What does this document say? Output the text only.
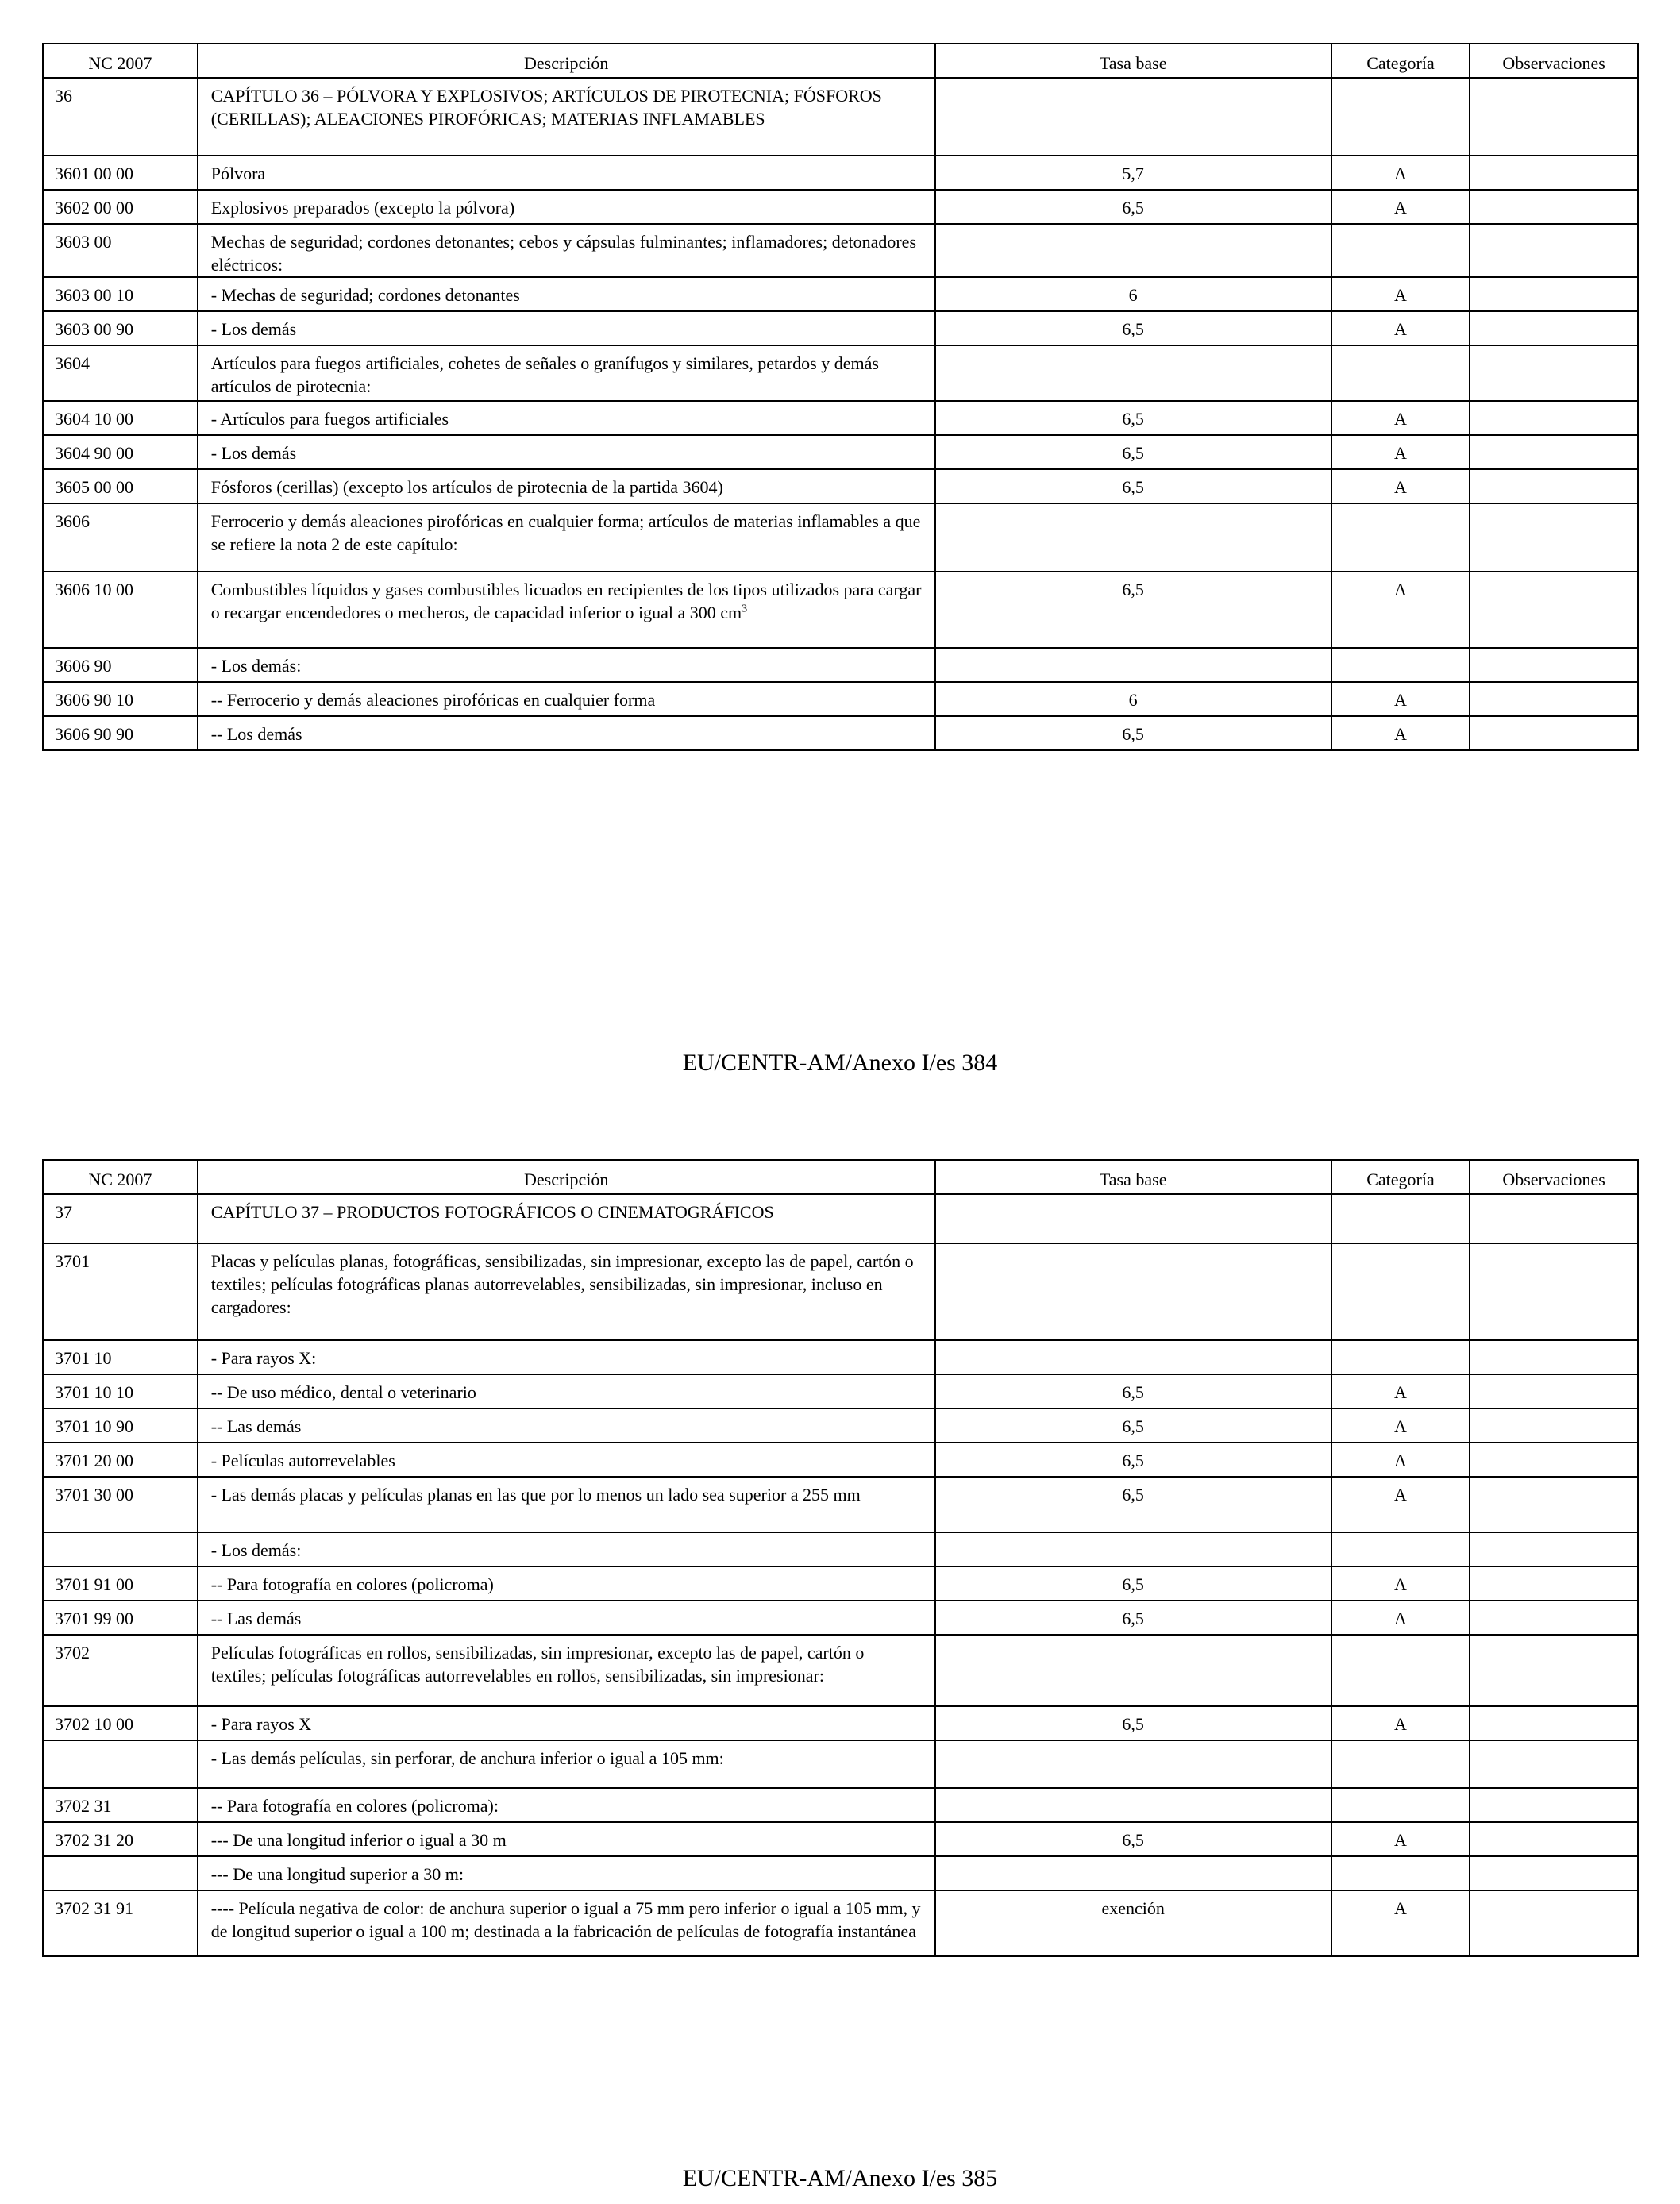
NC 2007	Descripción	Tasa base	Categoría	Observaciones
36	CAPÍTULO 36 – PÓLVORA Y EXPLOSIVOS; ARTÍCULOS DE PIROTECNIA; FÓSFOROS (CERILLAS); ALEACIONES PIROFÓRICAS; MATERIAS INFLAMABLES			
3601 00 00	Pólvora	5,7	A	
3602 00 00	Explosivos preparados (excepto la pólvora)	6,5	A	
3603 00	Mechas de seguridad; cordones detonantes; cebos y cápsulas fulminantes; inflamadores; detonadores eléctricos:			
3603 00 10	- Mechas de seguridad; cordones detonantes	6	A	
3603 00 90	- Los demás	6,5	A	
3604	Artículos para fuegos artificiales, cohetes de señales o granífugos y similares, petardos y demás artículos de pirotecnia:			
3604 10 00	- Artículos para fuegos artificiales	6,5	A	
3604 90 00	- Los demás	6,5	A	
3605 00 00	Fósforos (cerillas) (excepto los artículos de pirotecnia de la partida 3604)	6,5	A	
3606	Ferrocerio y demás aleaciones pirofóricas en cualquier forma; artículos de materias inflamables a que se refiere la nota 2 de este capítulo:			
3606 10 00	Combustibles líquidos y gases combustibles licuados en recipientes de los tipos utilizados para cargar o recargar encendedores o mecheros, de capacidad inferior o igual a 300 $cm^3$	6,5	A	
3606 90	- Los demás:			
3606 90 10	-- Ferrocerio y demás aleaciones pirofóricas en cualquier forma	6	A	
3606 90 90	-- Los demás	6,5	A	
EU/CENTR-AM/Anexo I/es 384
NC 2007	Descripción	Tasa base	Categoría	Observaciones
37	CAPÍTULO 37 – PRODUCTOS FOTOGRÁFICOS O CINEMATOGRÁFICOS			
3701	Placas y películas planas, fotográficas, sensibilizadas, sin impresionar, excepto las de papel, cartón o textiles; películas fotográficas planas autorrevelables, sensibilizadas, sin impresionar, incluso en cargadores:			
3701 10	- Para rayos X:			
3701 10 10	-- De uso médico, dental o veterinario	6,5	A	
3701 10 90	-- Las demás	6,5	A	
3701 20 00	- Películas autorrevelables	6,5	A	
3701 30 00	- Las demás placas y películas planas en las que por lo menos un lado sea superior a 255 mm	6,5	A	
	- Los demás:			
3701 91 00	-- Para fotografía en colores (policroma)	6,5	A	
3701 99 00	-- Las demás	6,5	A	
3702	Películas fotográficas en rollos, sensibilizadas, sin impresionar, excepto las de papel, cartón o textiles; películas fotográficas autorrevelables en rollos, sensibilizadas, sin impresionar:			
3702 10 00	- Para rayos X	6,5	A	
	- Las demás películas, sin perforar, de anchura inferior o igual a 105 mm:			
3702 31	-- Para fotografía en colores (policroma):			
3702 31 20	--- De una longitud inferior o igual a 30 m	6,5	A	
	--- De una longitud superior a 30 m:			
3702 31 91	---- Película negativa de color: de anchura superior o igual a 75 mm pero inferior o igual a 105 mm, y de longitud superior o igual a 100 m; destinada a la fabricación de películas de fotografía instantánea	exención	A	
EU/CENTR-AM/Anexo I/es 385
